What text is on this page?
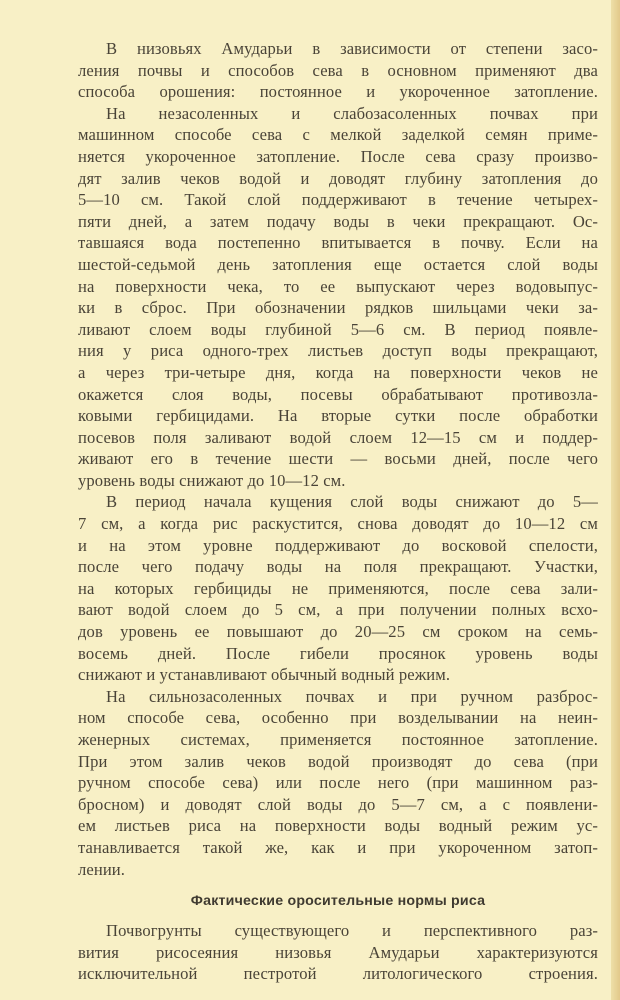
В низовьях Амударьи в зависимости от степени засо-
ления почвы и способов сева в основном применяют два
способа орошения: постоянное и укороченное затопление.
На незасоленных и слабозасоленных почвах при
машинном способе сева с мелкой заделкой семян приме-
няется укороченное затопление. После сева сразу произво-
дят залив чеков водой и доводят глубину затопления до
5—10 см. Такой слой поддерживают в течение четырех-
пяти дней, а затем подачу воды в чеки прекращают. Ос-
тавшаяся вода постепенно впитывается в почву. Если на
шестой-седьмой день затопления еще остается слой воды
на поверхности чека, то ее выпускают через водовыпус-
ки в сброс. При обозначении рядков шильцами чеки за-
ливают слоем воды глубиной 5—6 см. В период появле-
ния у риса одного-трех листьев доступ воды прекращают,
а через три-четыре дня, когда на поверхности чеков не
окажется слоя воды, посевы обрабатывают противозла-
ковыми гербицидами. На вторые сутки после обработки
посевов поля заливают водой слоем 12—15 см и поддер-
живают его в течение шести — восьми дней, после чего
уровень воды снижают до 10—12 см.
В период начала кущения слой воды снижают до 5—
7 см, а когда рис раскустится, снова доводят до 10—12 см
и на этом уровне поддерживают до восковой спелости,
после чего подачу воды на поля прекращают. Участки,
на которых гербициды не применяются, после сева зали-
вают водой слоем до 5 см, а при получении полных всхо-
дов уровень ее повышают до 20—25 см сроком на семь-
восемь дней. После гибели просянок уровень воды
снижают и устанавливают обычный водный режим.
На сильнозасоленных почвах и при ручном разброс-
ном способе сева, особенно при возделывании на неин-
женерных системах, применяется постоянное затопление.
При этом залив чеков водой производят до сева (при
ручном способе сева) или после него (при машинном раз-
бросном) и доводят слой воды до 5—7 см, а с появлени-
ем листьев риса на поверхности воды водный режим ус-
танавливается такой же, как и при укороченном затоп-
лении.
Фактические оросительные нормы риса
Почвогрунты существующего и перспективного раз-
вития рисосеяния низовья Амударьи характеризуются
исключительной пестротой литологического строения.
